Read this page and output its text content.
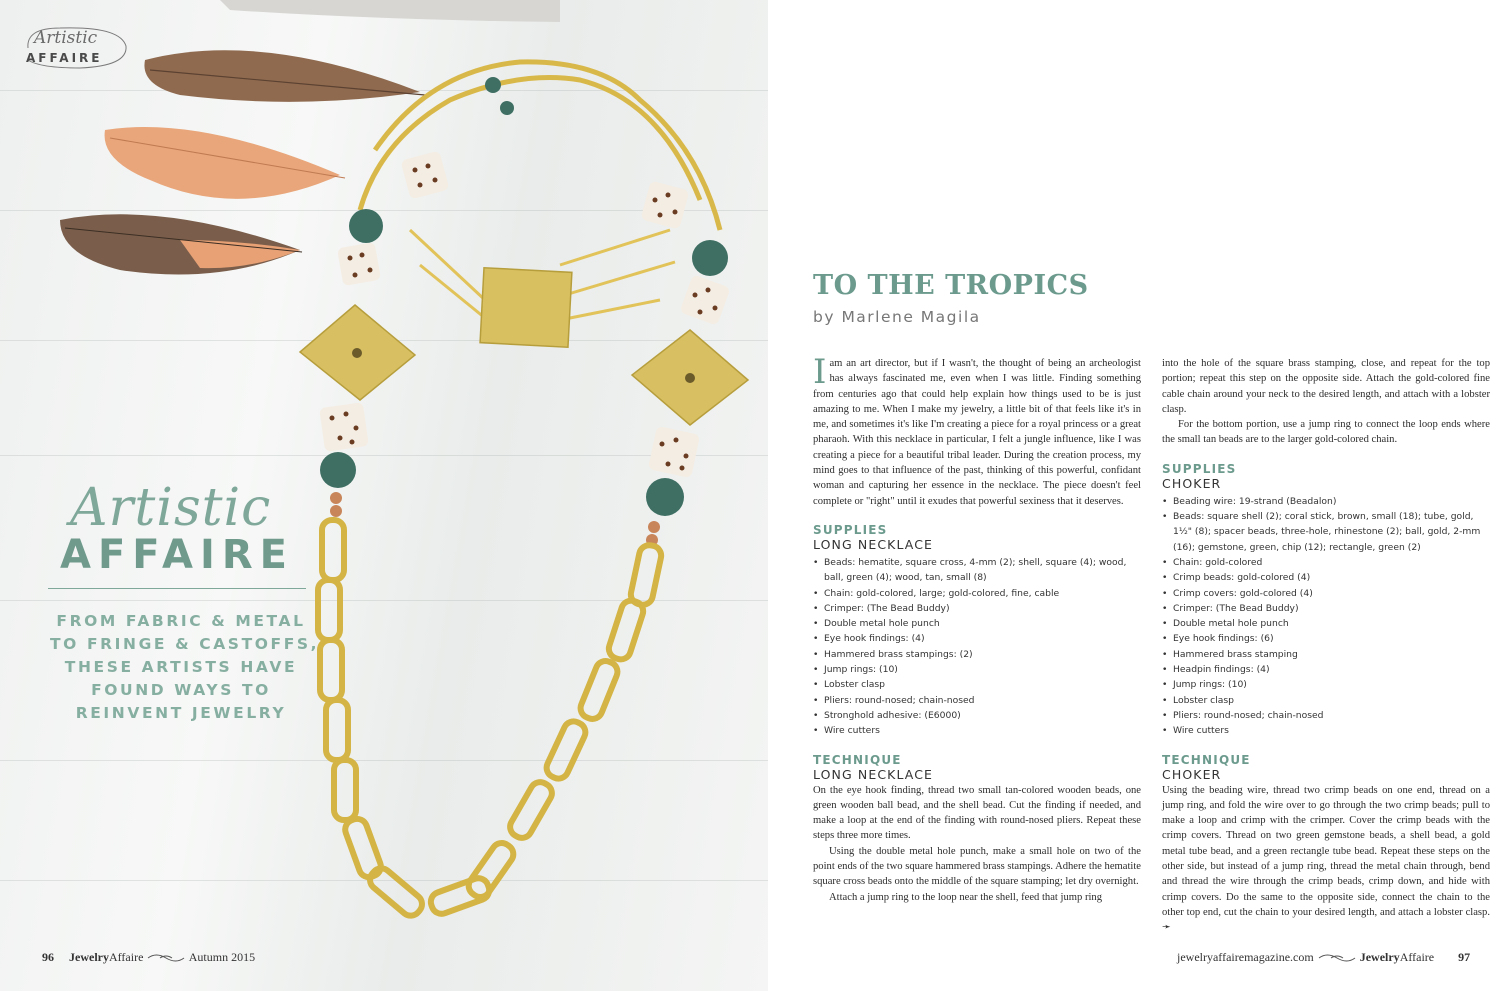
Artistic
AFFAIRE
Artistic
AFFAIRE
FROM FABRIC & METAL
TO FRINGE & CASTOFFS,
THESE ARTISTS HAVE
FOUND WAYS TO
REINVENT JEWELRY
96 JewelryAffaire	Autumn 2015
TO THE TROPICS
by Marlene Magila

I am an art director, but if I wasn't, the thought of being an archeologist has always fascinated me, even when I was little. Finding something from centuries ago that could help explain how things used to be is just amazing to me. When I make my jewelry, a little bit of that feels like it's in me, and sometimes it's like I'm creating a piece for a royal princess or a great pharaoh. With this necklace in particular, I felt a jungle influence, like I was creating a piece for a beautiful tribal leader. During the creation process, my mind goes to that influence of the past, thinking of this powerful, confidant woman and capturing her essence in the necklace. The piece doesn't feel complete or "right" until it exudes that powerful sexiness that it deserves.

SUPPLIES
LONG NECKLACE
• Beads: hematite, square cross, 4-mm (2); shell, square (4); wood, ball, green (4); wood, tan, small (8)
• Chain: gold-colored, large; gold-colored, fine, cable
• Crimper: (The Bead Buddy)
• Double metal hole punch
• Eye hook findings: (4)
• Hammered brass stampings: (2)
• Jump rings: (10)
• Lobster clasp
• Pliers: round-nosed; chain-nosed
• Stronghold adhesive: (E6000)
• Wire cutters
TECHNIQUE
LONG NECKLACE

On the eye hook finding, thread two small tan-colored wooden beads, one green wooden ball bead, and the shell bead. Cut the finding if needed, and make a loop at the end of the finding with round-nosed pliers. Repeat these steps three more times.

Using the double metal hole punch, make a small hole on two of the point ends of the two square hammered brass stampings. Adhere the hematite square cross beads onto the middle of the square stamping; let dry overnight.

Attach a jump ring to the loop near the shell, feed that jump ring

into the hole of the square brass stamping, close, and repeat for the top portion; repeat this step on the opposite side. Attach the gold-colored fine cable chain around your neck to the desired length, and attach with a lobster clasp.

For the bottom portion, use a jump ring to connect the loop ends where the small tan beads are to the larger gold-colored chain.

SUPPLIES
CHOKER
• Beading wire: 19-strand (Beadalon)
• Beads: square shell (2); coral stick, brown, small (18); tube, gold, 1½" (8); spacer beads, three-hole, rhinestone (2); ball, gold, 2-mm (16); gemstone, green, chip (12); rectangle, green (2)
• Chain: gold-colored
• Crimp beads: gold-colored (4)
• Crimp covers: gold-colored (4)
• Crimper: (The Bead Buddy)
• Double metal hole punch
• Eye hook findings: (6)
• Hammered brass stamping
• Headpin findings: (4)
• Jump rings: (10)
• Lobster clasp
• Pliers: round-nosed; chain-nosed
• Wire cutters
TECHNIQUE
CHOKER

Using the beading wire, thread two crimp beads on one end, thread on a jump ring, and fold the wire over to go through the two crimp beads; pull to make a loop and crimp with the crimper. Cover the crimp beads with the crimp covers. Thread on two green gemstone beads, a shell bead, a gold metal tube bead, and a green rectangle tube bead. Repeat these steps on the other side, but instead of a jump ring, thread the metal chain through, bend and thread the wire through the crimp beads, crimp down, and hide with crimp covers. Do the same to the opposite side, connect the chain to the other top end, cut the chain to your desired length, and attach a lobster clasp. ➛

jewelryaffairemagazine.com	JewelryAffaire 97
